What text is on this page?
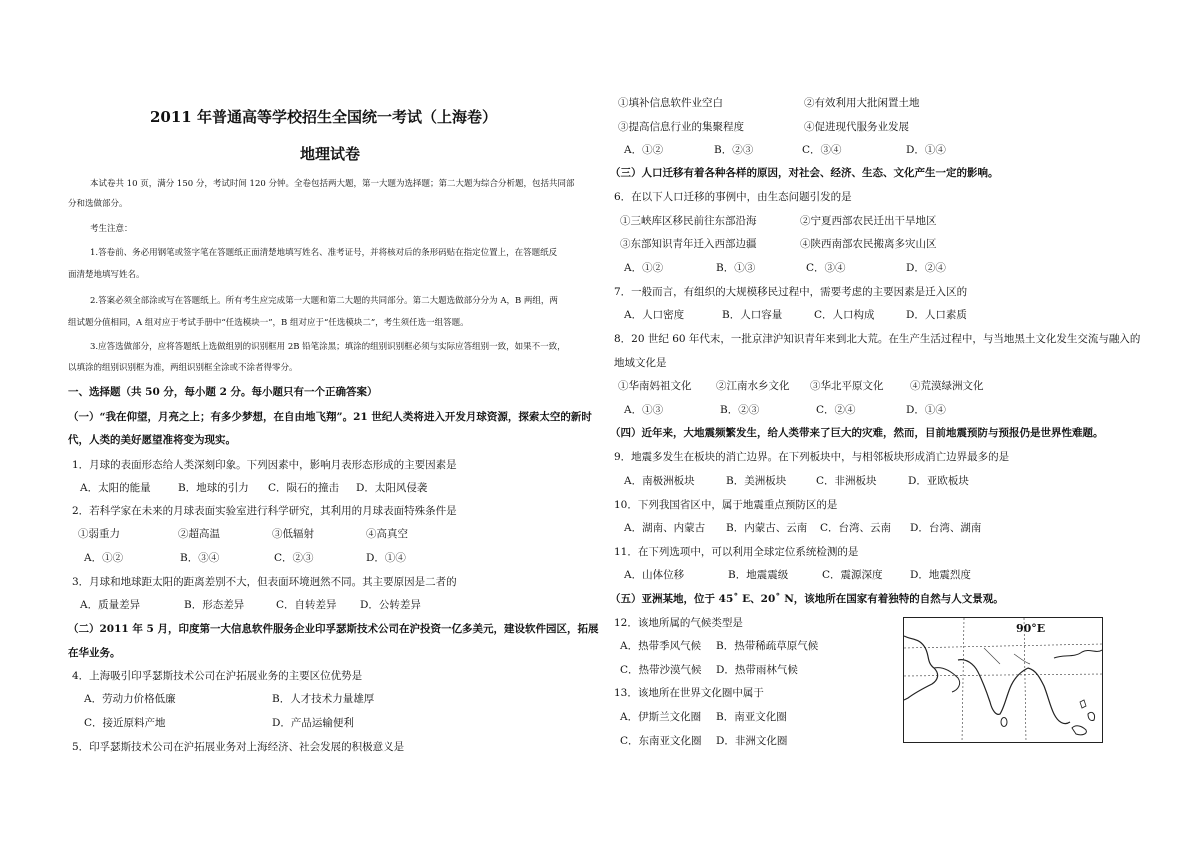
2011 年普通高等学校招生全国统一考试（上海卷）
地理试卷
本试卷共 10 页，满分 150 分，考试时间 120 分钟。全卷包括两大题，第一大题为选择题；第二大题为综合分析题，包括共同部
分和选做部分。
考生注意：
1.答卷前、务必用钢笔或签字笔在答题纸正面清楚地填写姓名、准考证号，并将核对后的条形码贴在指定位置上，在答题纸反
面清楚地填写姓名。
2.答案必须全部涂或写在答题纸上。所有考生应完成第一大题和第二大题的共同部分。第二大题选做部分分为 A，B 两组，两
组试题分值相同，A 组对应于考试手册中“任选模块一”，B 组对应于“任选模块二”，考生须任选一组答题。
3.应答选做部分，应将答题纸上选做组别的识别框用 2B 铅笔涂黑；填涂的组别识别框必须与实际应答组别一致，如果不一致，
以填涂的组别识别框为准，两组识别框全涂或不涂者得零分。
一、选择题（共 50 分，每小题 2 分。每小题只有一个正确答案）
（一）“我在仰望，月亮之上；有多少梦想，在自由地飞翔”。21 世纪人类将进入开发月球资源，探索太空的新时
代，人类的美好愿望准将变为现实。
1．月球的表面形态给人类深刻印象。下列因素中，影响月表形态形成的主要因素是
A．太阳的能量	B．地球的引力 C．陨石的撞击 D．太阳风侵袭
2．若科学家在未来的月球表面实验室进行科学研究，其利用的月球表面特殊条件是
①弱重力	②超高温	③低辐射	④高真空
A．①②	B．③④	C．②③	D．①④
3．月球和地球距太阳的距离差别不大，但表面环境迥然不同。其主要原因是二者的
A．质量差异	B．形态差异	C．自转差异 D．公转差异
（二）2011 年 5 月，印度第一大信息软件服务企业印孚瑟斯技术公司在沪投资一亿多美元，建设软件园区，拓展
在华业务。
4．上海吸引印孚瑟斯技术公司在沪拓展业务的主要区位优势是
A．劳动力价格低廉	B．人才技术力量雄厚
C．接近原料产地	D．产品运输便利
5．印孚瑟斯技术公司在沪拓展业务对上海经济、社会发展的积极意义是
①填补信息软件业空白	②有效利用大批闲置土地
③提高信息行业的集聚程度	④促进现代服务业发展
A．①②	B．②③	C．③④	D．①④
（三）人口迁移有着各种各样的原因，对社会、经济、生态、文化产生一定的影响。
6．在以下人口迁移的事例中，由生态问题引发的是
①三峡库区移民前往东部沿海	②宁夏西部农民迁出干旱地区
③东部知识青年迁入西部边疆	④陕西南部农民搬离多灾山区
A．①②	B．①③	C．③④	D．②④
7．一般而言，有组织的大规模移民过程中，需要考虑的主要因素是迁入区的
A．人口密度	B．人口容量	C．人口构成	D．人口素质
8．20 世纪 60 年代末，一批京津沪知识青年来到北大荒。在生产生活过程中，与当地黑土文化发生交流与融入的
地域文化是
①华南妈祖文化 ②江南水乡文化 ③华北平原文化	④荒漠绿洲文化
A．①③	B．②③	C．②④	D．①④
（四）近年来，大地震频繁发生，给人类带来了巨大的灾难，然而，目前地震预防与预报仍是世界性难题。
9．地震多发生在板块的消亡边界。在下列板块中，与相邻板块形成消亡边界最多的是
A．南极洲板块	B．美洲板块	C．非洲板块	D．亚欧板块
10．下列我国省区中，属于地震重点预防区的是
A．湖南、内蒙古 B．内蒙古、云南 C．台湾、云南 D．台湾、湖南
11．在下列选项中，可以利用全球定位系统检测的是
A．山体位移	B．地震震级	C．震源深度	D．地震烈度
（五）亚洲某地，位于 45˚ E、20˚ N，该地所在国家有着独特的自然与人文景观。
12．该地所属的气候类型是
A．热带季风气候 B．热带稀疏草原气候
C．热带沙漠气候 D．热带雨林气候
13．该地所在世界文化圈中属于
A．伊斯兰文化圈 B．南亚文化圈
C．东南亚文化圈 D．非洲文化圈
90°E
